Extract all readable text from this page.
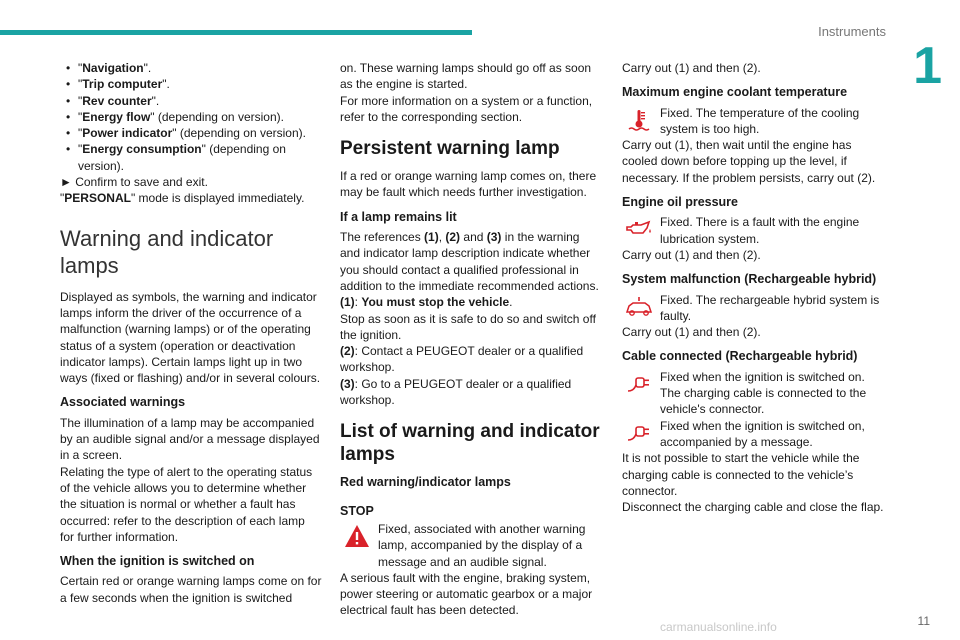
Instruments
1
• "Navigation".
• "Trip computer".
• "Rev counter".
• "Energy flow" (depending on version).
• "Power indicator" (depending on version).
• "Energy consumption" (depending on version).

► Confirm to save and exit.

"PERSONAL" mode is displayed immediately.

Warning and indicator lamps

Displayed as symbols, the warning and indicator lamps inform the driver of the occurrence of a malfunction (warning lamps) or of the operating status of a system (operation or deactivation indicator lamps). Certain lamps light up in two ways (fixed or flashing) and/or in several colours.

Associated warnings

The illumination of a lamp may be accompanied by an audible signal and/or a message displayed in a screen.

Relating the type of alert to the operating status of the vehicle allows you to determine whether the situation is normal or whether a fault has occurred: refer to the description of each lamp for further information.

When the ignition is switched on

Certain red or orange warning lamps come on for a few seconds when the ignition is switched

on. These warning lamps should go off as soon as the engine is started.

For more information on a system or a function, refer to the corresponding section.

Persistent warning lamp

If a red or orange warning lamp comes on, there may be fault which needs further investigation.

If a lamp remains lit

The references (1), (2) and (3) in the warning and indicator lamp description indicate whether you should contact a qualified professional in addition to the immediate recommended actions.

(1): You must stop the vehicle.

Stop as soon as it is safe to do so and switch off the ignition.

(2): Contact a PEUGEOT dealer or a qualified workshop.

(3): Go to a PEUGEOT dealer or a qualified workshop.

List of warning and indicator lamps
Red warning/indicator lamps
STOP

Fixed, associated with another warning lamp, accompanied by the display of a message and an audible signal.

A serious fault with the engine, braking system, power steering or automatic gearbox or a major electrical fault has been detected.

Carry out (1) and then (2).

Maximum engine coolant temperature

Fixed. The temperature of the cooling system is too high.

Carry out (1), then wait until the engine has cooled down before topping up the level, if necessary. If the problem persists, carry out (2).

Engine oil pressure

Fixed. There is a fault with the engine lubrication system.

Carry out (1) and then (2).

System malfunction (Rechargeable hybrid)

Fixed. The rechargeable hybrid system is faulty.

Carry out (1) and then (2).

Cable connected (Rechargeable hybrid)

Fixed when the ignition is switched on. The charging cable is connected to the vehicle's connector.

Fixed when the ignition is switched on, accompanied by a message.

It is not possible to start the vehicle while the charging cable is connected to the vehicle’s connector.

Disconnect the charging cable and close the flap.

carmanualsonline.info	11
